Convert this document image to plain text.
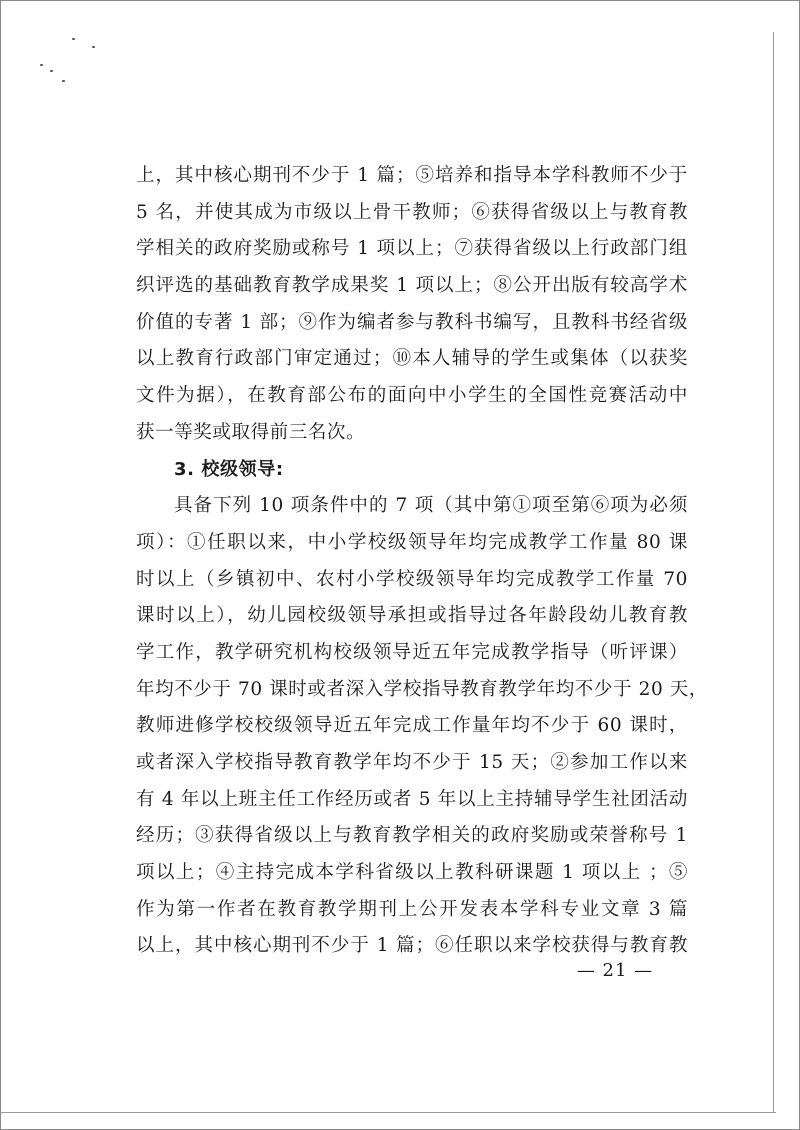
上，其中核心期刊不少于 1 篇；⑤培养和指导本学科教师不少于
5 名，并使其成为市级以上骨干教师；⑥获得省级以上与教育教
学相关的政府奖励或称号 1 项以上；⑦获得省级以上行政部门组
织评选的基础教育教学成果奖 1 项以上；⑧公开出版有较高学术
价值的专著 1 部；⑨作为编者参与教科书编写，且教科书经省级
以上教育行政部门审定通过；⑩本人辅导的学生或集体（以获奖
文件为据），在教育部公布的面向中小学生的全国性竞赛活动中
获一等奖或取得前三名次。
3. 校级领导:
具备下列 10 项条件中的 7 项（其中第①项至第⑥项为必须
项）：①任职以来，中小学校级领导年均完成教学工作量 80 课
时以上（乡镇初中、农村小学校级领导年均完成教学工作量 70
课时以上），幼儿园校级领导承担或指导过各年龄段幼儿教育教
学工作，教学研究机构校级领导近五年完成教学指导（听评课）
年均不少于 70 课时或者深入学校指导教育教学年均不少于 20 天，
教师进修学校校级领导近五年完成工作量年均不少于 60 课时，
或者深入学校指导教育教学年均不少于 15 天；②参加工作以来
有 4 年以上班主任工作经历或者 5 年以上主持辅导学生社团活动
经历；③获得省级以上与教育教学相关的政府奖励或荣誉称号 1
项以上；④主持完成本学科省级以上教科研课题 1 项以上 ；⑤
作为第一作者在教育教学期刊上公开发表本学科专业文章 3 篇
以上，其中核心期刊不少于 1 篇；⑥任职以来学校获得与教育教
— 21 —
